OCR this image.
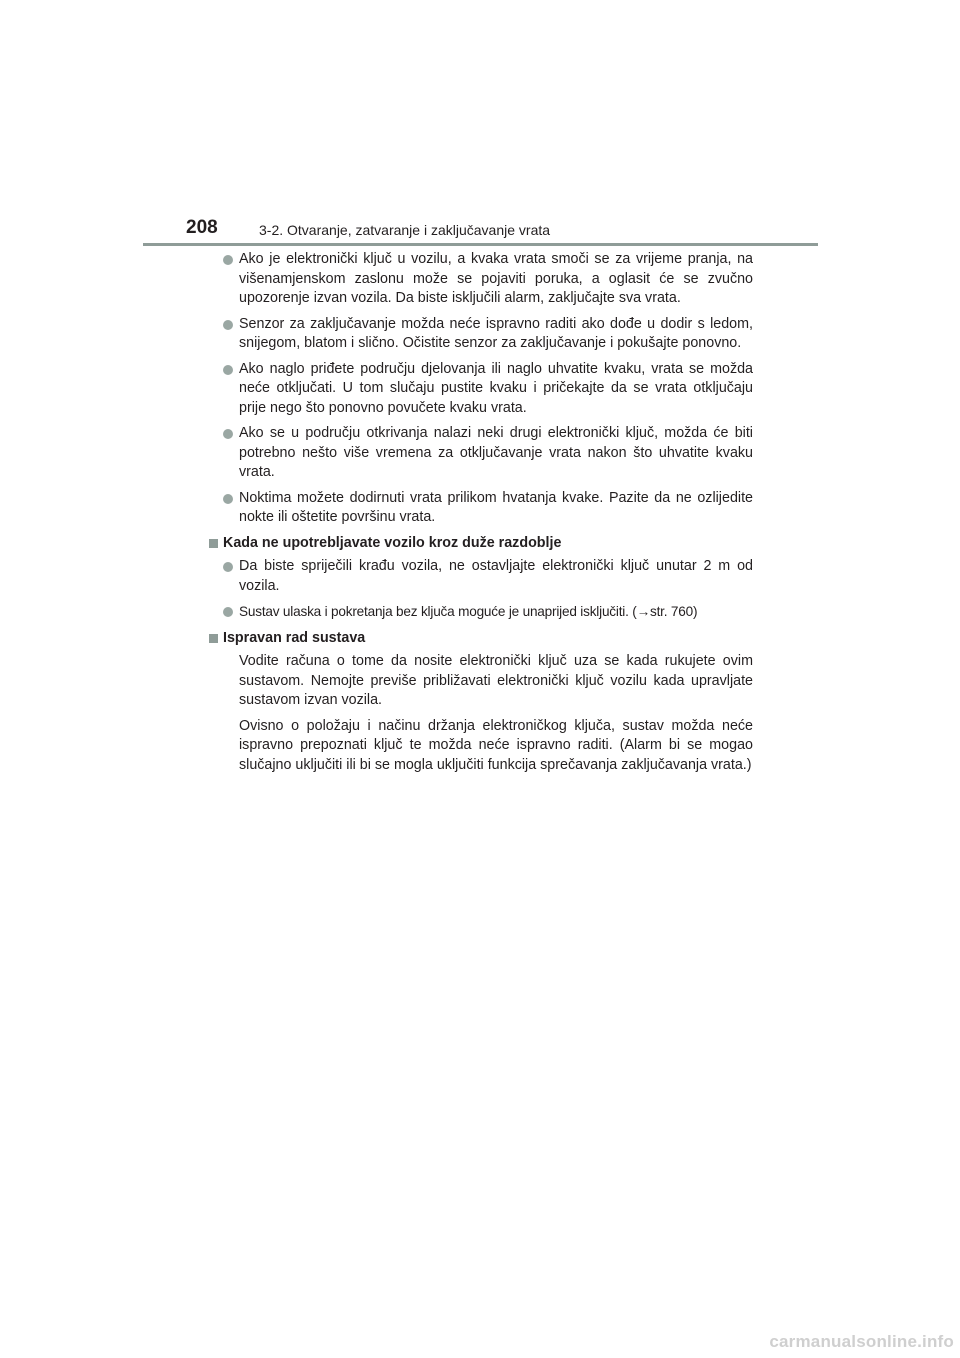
208	3-2. Otvaranje, zatvaranje i zaključavanje vrata
Ako je elektronički ključ u vozilu, a kvaka vrata smoči se za vrijeme pranja, na višenamjenskom zaslonu može se pojaviti poruka, a oglasit će se zvučno upozorenje izvan vozila. Da biste isključili alarm, zaključajte sva vrata.
Senzor za zaključavanje možda neće ispravno raditi ako dođe u dodir s ledom, snijegom, blatom i slično. Očistite senzor za zaključavanje i pokušajte ponovno.
Ako naglo priđete području djelovanja ili naglo uhvatite kvaku, vrata se možda neće otključati. U tom slučaju pustite kvaku i pričekajte da se vrata otključaju prije nego što ponovno povučete kvaku vrata.
Ako se u području otkrivanja nalazi neki drugi elektronički ključ, možda će biti potrebno nešto više vremena za otključavanje vrata nakon što uhvatite kvaku vrata.
Noktima možete dodirnuti vrata prilikom hvatanja kvake. Pazite da ne ozlijedite nokte ili oštetite površinu vrata.
Kada ne upotrebljavate vozilo kroz duže razdoblje
Da biste spriječili krađu vozila, ne ostavljajte elektronički ključ unutar 2 m od vozila.
Sustav ulaska i pokretanja bez ključa moguće je unaprijed isključiti. (→str. 760)
Ispravan rad sustava
Vodite računa o tome da nosite elektronički ključ uza se kada rukujete ovim sustavom. Nemojte previše približavati elektronički ključ vozilu kada upravljate sustavom izvan vozila.
Ovisno o položaju i načinu držanja elektroničkog ključa, sustav možda neće ispravno prepoznati ključ te možda neće ispravno raditi. (Alarm bi se mogao slučajno uključiti ili bi se mogla uključiti funkcija sprečavanja zaključavanja vrata.)
carmanualsonline.info
